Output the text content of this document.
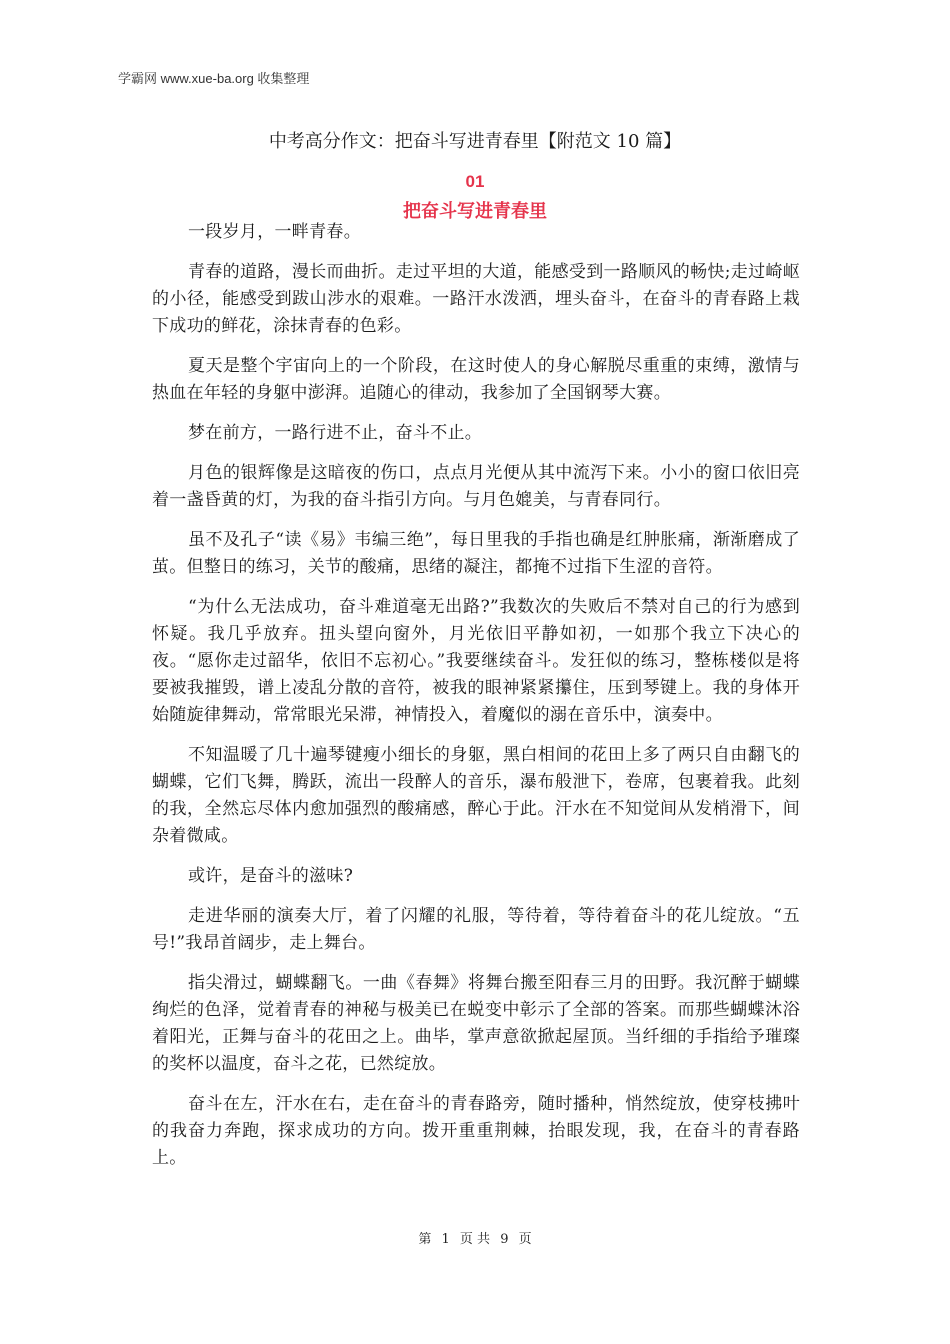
学霸网 www.xue-ba.org 收集整理
中考高分作文：把奋斗写进青春里【附范文 10 篇】
01
把奋斗写进青春里

一段岁月，一畔青春。

青春的道路，漫长而曲折。走过平坦的大道，能感受到一路顺风的畅快;走过崎岖的小径，能感受到跋山涉水的艰难。一路汗水泼洒，埋头奋斗，在奋斗的青春路上栽下成功的鲜花，涂抹青春的色彩。

夏天是整个宇宙向上的一个阶段，在这时使人的身心解脱尽重重的束缚，激情与热血在年轻的身躯中澎湃。追随心的律动，我参加了全国钢琴大赛。

梦在前方，一路行进不止，奋斗不止。

月色的银辉像是这暗夜的伤口，点点月光便从其中流泻下来。小小的窗口依旧亮着一盏昏黄的灯，为我的奋斗指引方向。与月色媲美，与青春同行。

虽不及孔子“读《易》韦编三绝”，每日里我的手指也确是红肿胀痛，渐渐磨成了茧。但整日的练习，关节的酸痛，思绪的凝注，都掩不过指下生涩的音符。

“为什么无法成功，奋斗难道毫无出路?”我数次的失败后不禁对自己的行为感到怀疑。我几乎放弃。扭头望向窗外，月光依旧平静如初，一如那个我立下决心的夜。“愿你走过韶华，依旧不忘初心。”我要继续奋斗。发狂似的练习，整栋楼似是将要被我摧毁，谱上凌乱分散的音符，被我的眼神紧紧攥住，压到琴键上。我的身体开始随旋律舞动，常常眼光呆滞，神情投入，着魔似的溺在音乐中，演奏中。

不知温暖了几十遍琴键瘦小细长的身躯，黑白相间的花田上多了两只自由翻飞的蝴蝶，它们飞舞，腾跃，流出一段醉人的音乐，瀑布般泄下，卷席，包裹着我。此刻的我，全然忘尽体内愈加强烈的酸痛感，醉心于此。汗水在不知觉间从发梢滑下，间杂着微咸。

或许，是奋斗的滋味?

走进华丽的演奏大厅，着了闪耀的礼服，等待着，等待着奋斗的花儿绽放。“五号!”我昂首阔步，走上舞台。

指尖滑过，蝴蝶翻飞。一曲《春舞》将舞台搬至阳春三月的田野。我沉醉于蝴蝶绚烂的色泽，觉着青春的神秘与极美已在蜕变中彰示了全部的答案。而那些蝴蝶沐浴着阳光，正舞与奋斗的花田之上。曲毕，掌声意欲掀起屋顶。当纤细的手指给予璀璨的奖杯以温度，奋斗之花，已然绽放。

奋斗在左，汗水在右，走在奋斗的青春路旁，随时播种，悄然绽放，使穿枝拂叶的我奋力奔跑，探求成功的方向。拨开重重荆棘，抬眼发现，我，在奋斗的青春路上。

第 1 页 共 9 页
